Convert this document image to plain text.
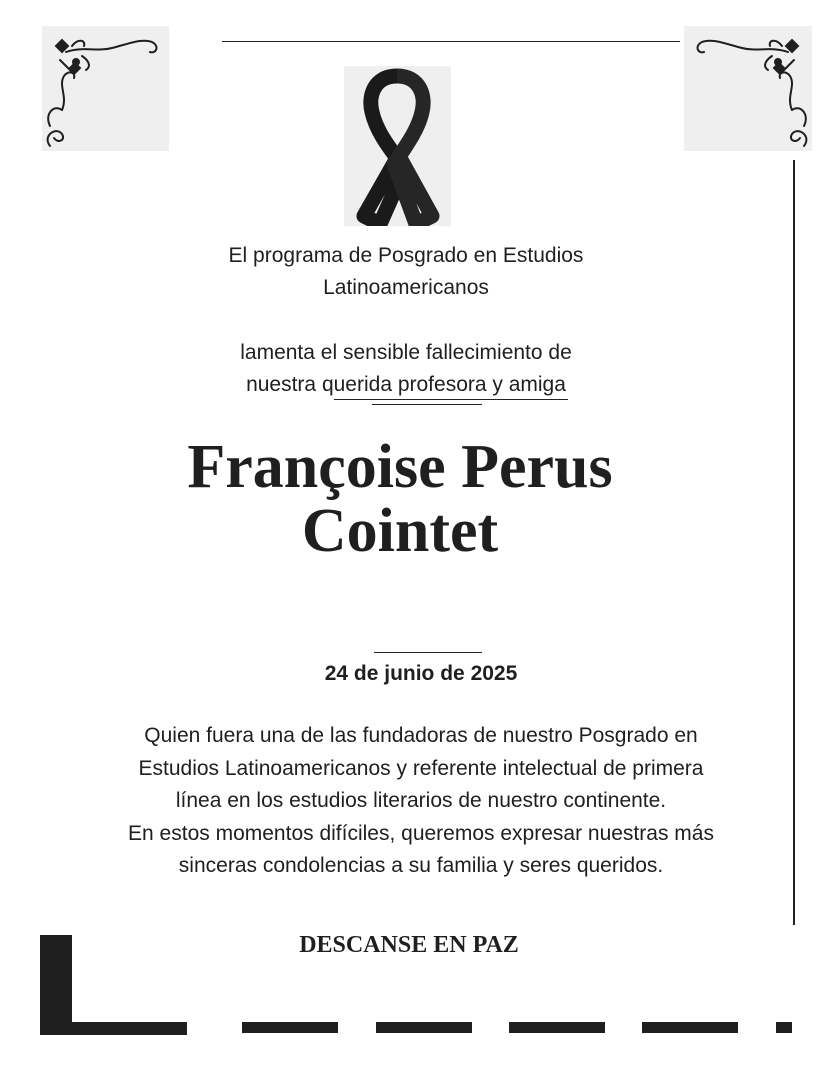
El programa de Posgrado en Estudios
Latinoamericanos
lamenta el sensible fallecimiento de
nuestra querida profesora y amiga
Françoise Perus
Cointet
24 de junio de 2025
Quien fuera una de las fundadoras de nuestro Posgrado en
Estudios Latinoamericanos y referente intelectual de primera
línea en los estudios literarios de nuestro continente.
En estos momentos difíciles, queremos expresar nuestras más
sinceras condolencias a su familia y seres queridos.
DESCANSE EN PAZ
